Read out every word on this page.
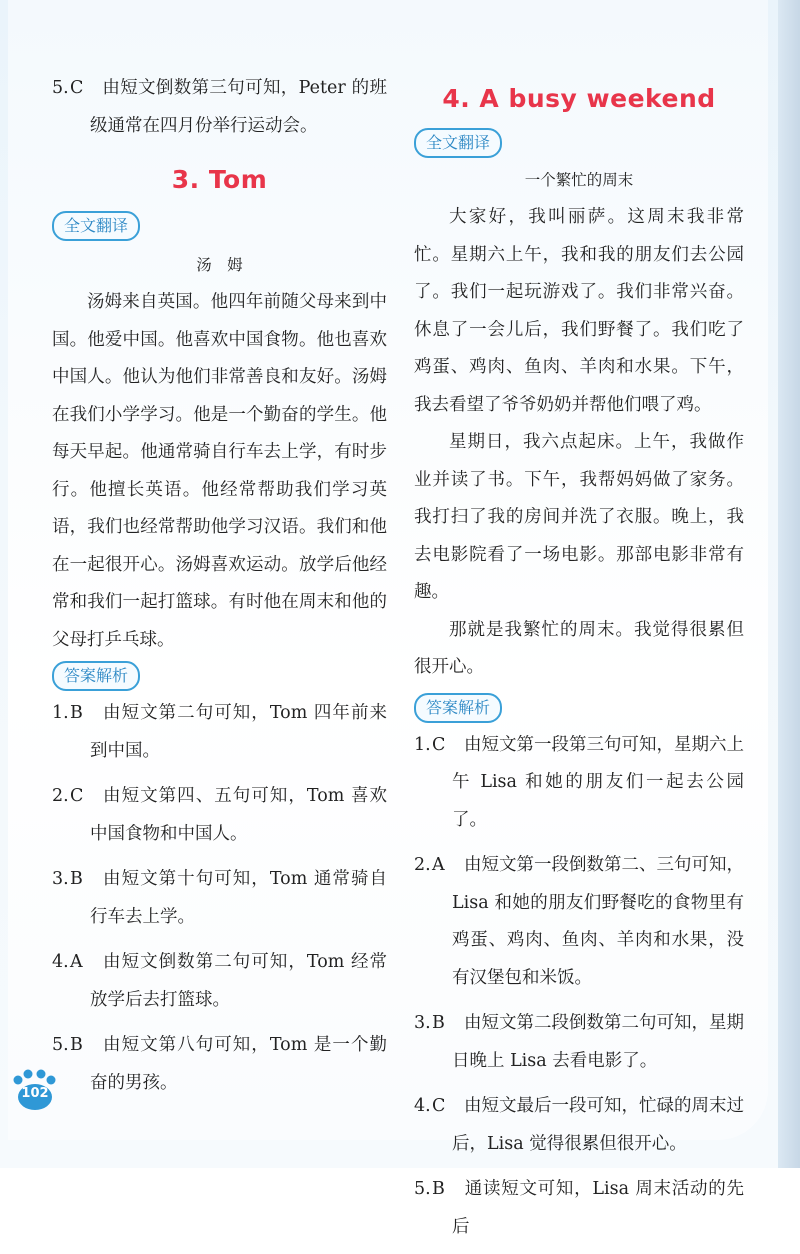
5.C 由短文倒数第三句可知，Peter 的班级通常在四月份举行运动会。

3. Tom
全文翻译
汤　姆

汤姆来自英国。他四年前随父母来到中国。他爱中国。他喜欢中国食物。他也喜欢中国人。他认为他们非常善良和友好。汤姆在我们小学学习。他是一个勤奋的学生。他每天早起。他通常骑自行车去上学，有时步行。他擅长英语。他经常帮助我们学习英语，我们也经常帮助他学习汉语。我们和他在一起很开心。汤姆喜欢运动。放学后他经常和我们一起打篮球。有时他在周末和他的父母打乒乓球。

答案解析

1.B 由短文第二句可知，Tom 四年前来到中国。

2.C 由短文第四、五句可知，Tom 喜欢中国食物和中国人。

3.B 由短文第十句可知，Tom 通常骑自行车去上学。

4.A 由短文倒数第二句可知，Tom 经常放学后去打篮球。

5.B 由短文第八句可知，Tom 是一个勤奋的男孩。

4. A busy weekend
全文翻译
一个繁忙的周末

大家好，我叫丽萨。这周末我非常忙。星期六上午，我和我的朋友们去公园了。我们一起玩游戏了。我们非常兴奋。休息了一会儿后，我们野餐了。我们吃了鸡蛋、鸡肉、鱼肉、羊肉和水果。下午，我去看望了爷爷奶奶并帮他们喂了鸡。

星期日，我六点起床。上午，我做作业并读了书。下午，我帮妈妈做了家务。我打扫了我的房间并洗了衣服。晚上，我去电影院看了一场电影。那部电影非常有趣。

那就是我繁忙的周末。我觉得很累但很开心。

答案解析

1.C 由短文第一段第三句可知，星期六上午 Lisa 和她的朋友们一起去公园了。

2.A 由短文第一段倒数第二、三句可知，Lisa 和她的朋友们野餐吃的食物里有鸡蛋、鸡肉、鱼肉、羊肉和水果，没有汉堡包和米饭。

3.B 由短文第二段倒数第二句可知，星期日晚上 Lisa 去看电影了。

4.C 由短文最后一段可知，忙碌的周末过后，Lisa 觉得很累但很开心。

5.B 通读短文可知，Lisa 周末活动的先后

102
